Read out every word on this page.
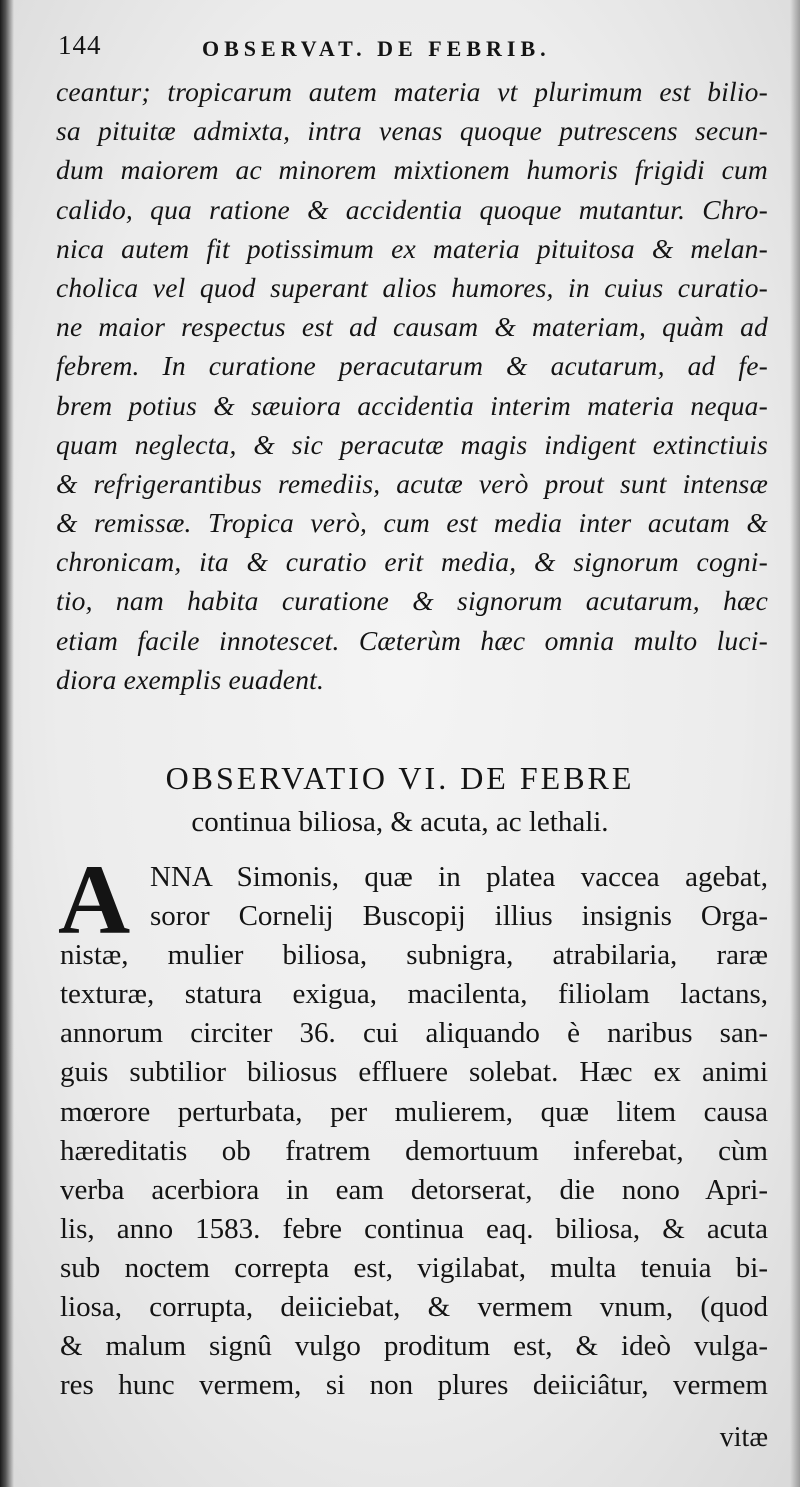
144	OBSERVAT. DE FEBRIB.
ceantur; tropicarum autem materia vt plurimum est bilio-
sa pituitæ admixta, intra venas quoque putrescens secun-
dum maiorem ac minorem mixtionem humoris frigidi cum
calido, qua ratione & accidentia quoque mutantur. Chro-
nica autem fit potissimum ex materia pituitosa & melan-
cholica vel quod superant alios humores, in cuius curatio-
ne maior respectus est ad causam & materiam, quàm ad
febrem. In curatione peracutarum & acutarum, ad fe-
brem potius & sæuiora accidentia interim materia nequa-
quam neglecta, & sic peracutæ magis indigent extinctiuis
& refrigerantibus remediis, acutæ verò prout sunt intensæ
& remissæ. Tropica verò, cum est media inter acutam &
chronicam, ita & curatio erit media, & signorum cogni-
tio, nam habita curatione & signorum acutarum, hæc
etiam facile innotescet. Cæterùm hæc omnia multo luci-
diora exemplis euadent.
OBSERVATIO VI. DE FEBRE
continua biliosa, & acuta, ac lethali.
A NNA Simonis, quæ in platea vaccea agebat,
soror Cornelij Buscopij illius insignis Orga-
nistæ, mulier biliosa, subnigra, atrabilaria, raræ
texturæ, statura exigua, macilenta, filiolam lactans,
annorum circiter 36. cui aliquando è naribus san-
guis subtilior biliosus effluere solebat. Hæc ex animi
mœrore perturbata, per mulierem, quæ litem causa
hæreditatis ob fratrem demortuum inferebat, cùm
verba acerbiora in eam detorserat, die nono Apri-
lis, anno 1583. febre continua eaq. biliosa, & acuta
sub noctem correpta est, vigilabat, multa tenuia bi-
liosa, corrupta, deiiciebat, & vermem vnum, (quod
& malum signû vulgo proditum est, & ideò vulga-
res hunc vermem, si non plures deiiciâtur, vermem
vitæ
